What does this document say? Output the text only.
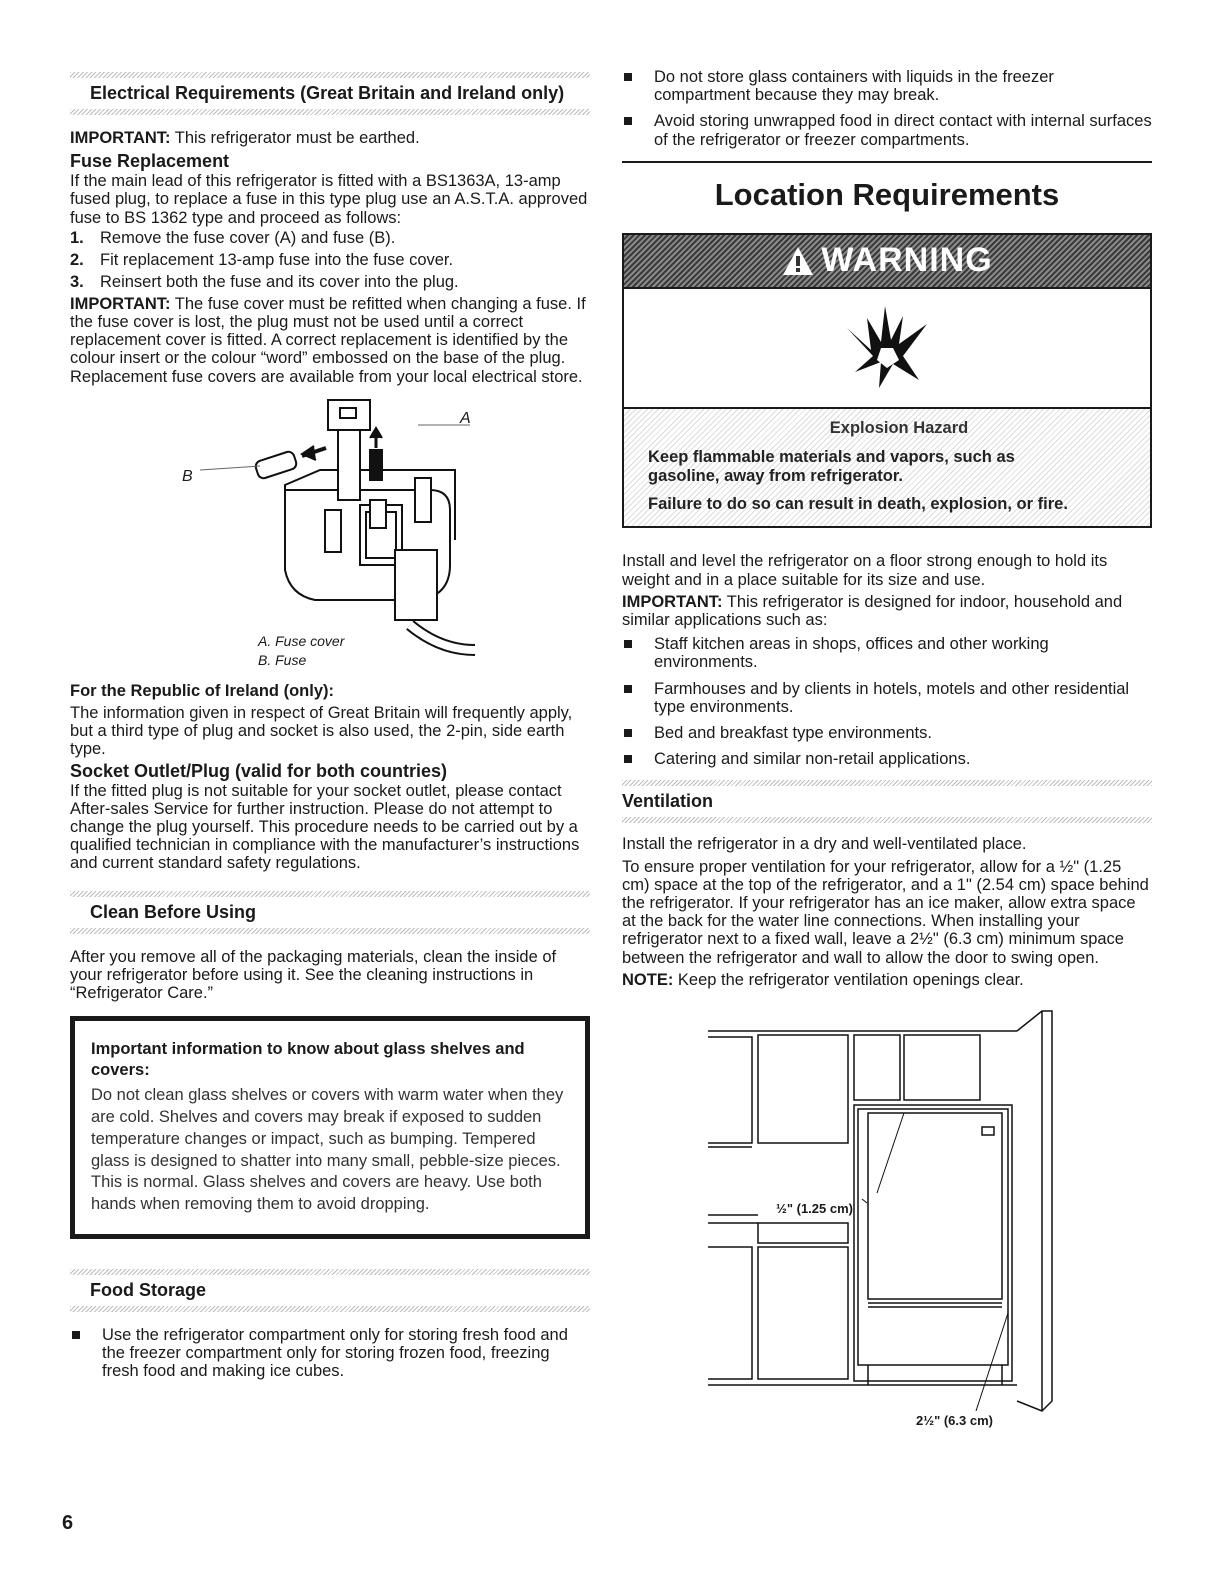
Electrical Requirements (Great Britain and Ireland only)

IMPORTANT: This refrigerator must be earthed.

Fuse Replacement

If the main lead of this refrigerator is fitted with a BS1363A, 13-amp fused plug, to replace a fuse in this type plug use an A.S.T.A. approved fuse to BS 1362 type and proceed as follows:

1. Remove the fuse cover (A) and fuse (B).
2. Fit replacement 13-amp fuse into the fuse cover.
3. Reinsert both the fuse and its cover into the plug.

IMPORTANT: The fuse cover must be refitted when changing a fuse. If the fuse cover is lost, the plug must not be used until a correct replacement cover is fitted. A correct replacement is identified by the colour insert or the colour “word” embossed on the base of the plug. Replacement fuse covers are available from your local electrical store.

A
B
A. Fuse cover
B. Fuse

For the Republic of Ireland (only):

The information given in respect of Great Britain will frequently apply, but a third type of plug and socket is also used, the 2-pin, side earth type.

Socket Outlet/Plug (valid for both countries)

If the fitted plug is not suitable for your socket outlet, please contact After-sales Service for further instruction. Please do not attempt to change the plug yourself. This procedure needs to be carried out by a qualified technician in compliance with the manufacturer’s instructions and current standard safety regulations.

Clean Before Using

After you remove all of the packaging materials, clean the inside of your refrigerator before using it. See the cleaning instructions in “Refrigerator Care.”

Important information to know about glass shelves and covers:

Do not clean glass shelves or covers with warm water when they are cold. Shelves and covers may break if exposed to sudden temperature changes or impact, such as bumping. Tempered glass is designed to shatter into many small, pebble-size pieces. This is normal. Glass shelves and covers are heavy. Use both hands when removing them to avoid dropping.

Food Storage
Use the refrigerator compartment only for storing fresh food and the freezer compartment only for storing frozen food, freezing fresh food and making ice cubes.
6
Do not store glass containers with liquids in the freezer compartment because they may break.
Avoid storing unwrapped food in direct contact with internal surfaces of the refrigerator or freezer compartments.
Location Requirements
WARNING
Explosion Hazard
Keep flammable materials and vapors, such as gasoline, away from refrigerator.
Failure to do so can result in death, explosion, or fire.

Install and level the refrigerator on a floor strong enough to hold its weight and in a place suitable for its size and use.

IMPORTANT: This refrigerator is designed for indoor, household and similar applications such as:

Staff kitchen areas in shops, offices and other working environments.
Farmhouses and by clients in hotels, motels and other residential type environments.
Bed and breakfast type environments.
Catering and similar non-retail applications.
Ventilation

Install the refrigerator in a dry and well-ventilated place.

To ensure proper ventilation for your refrigerator, allow for a ½" (1.25 cm) space at the top of the refrigerator, and a 1" (2.54 cm) space behind the refrigerator. If your refrigerator has an ice maker, allow extra space at the back for the water line connections. When installing your refrigerator next to a fixed wall, leave a 2½" (6.3 cm) minimum space between the refrigerator and wall to allow the door to swing open.

NOTE: Keep the refrigerator ventilation openings clear.

½" (1.25 cm)
2½" (6.3 cm)
